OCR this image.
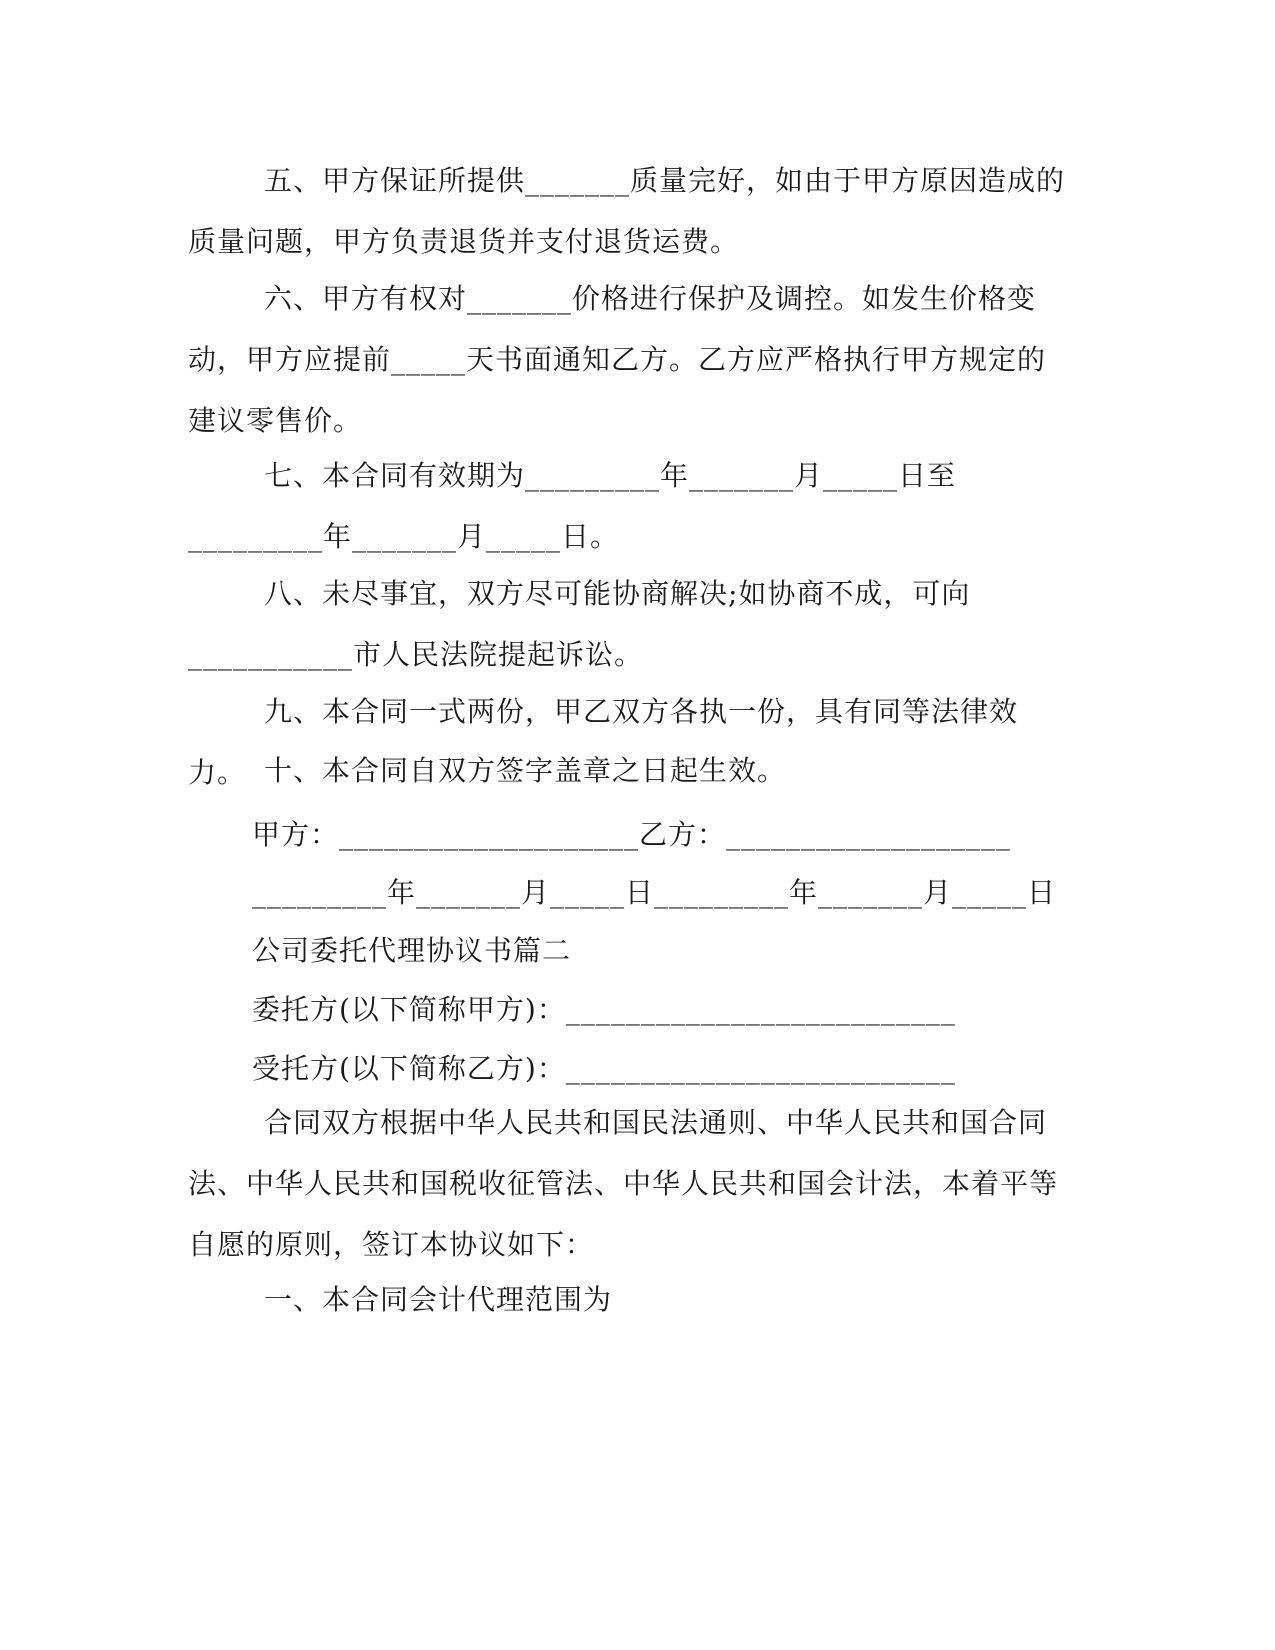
五、甲方保证所提供_______质量完好，如由于甲方原因造成的质量问题，甲方负责退货并支付退货运费。

六、甲方有权对_______价格进行保护及调控。如发生价格变动，甲方应提前_____天书面通知乙方。乙方应严格执行甲方规定的建议零售价。

七、本合同有效期为_________年_______月_____日至_________年_______月_____日。

八、未尽事宜，双方尽可能协商解决;如协商不成，可向___________市人民法院提起诉讼。

九、本合同一式两份，甲乙双方各执一份，具有同等法律效力。 十、本合同自双方签字盖章之日起生效。

甲方：____________________乙方：___________________
_________年_______月_____日_________年_______月_____日
公司委托代理协议书篇二
委托方(以下简称甲方)：__________________________
受托方(以下简称乙方)：__________________________

合同双方根据中华人民共和国民法通则、中华人民共和国合同法、中华人民共和国税收征管法、中华人民共和国会计法，本着平等自愿的原则，签订本协议如下：

一、本合同会计代理范围为
